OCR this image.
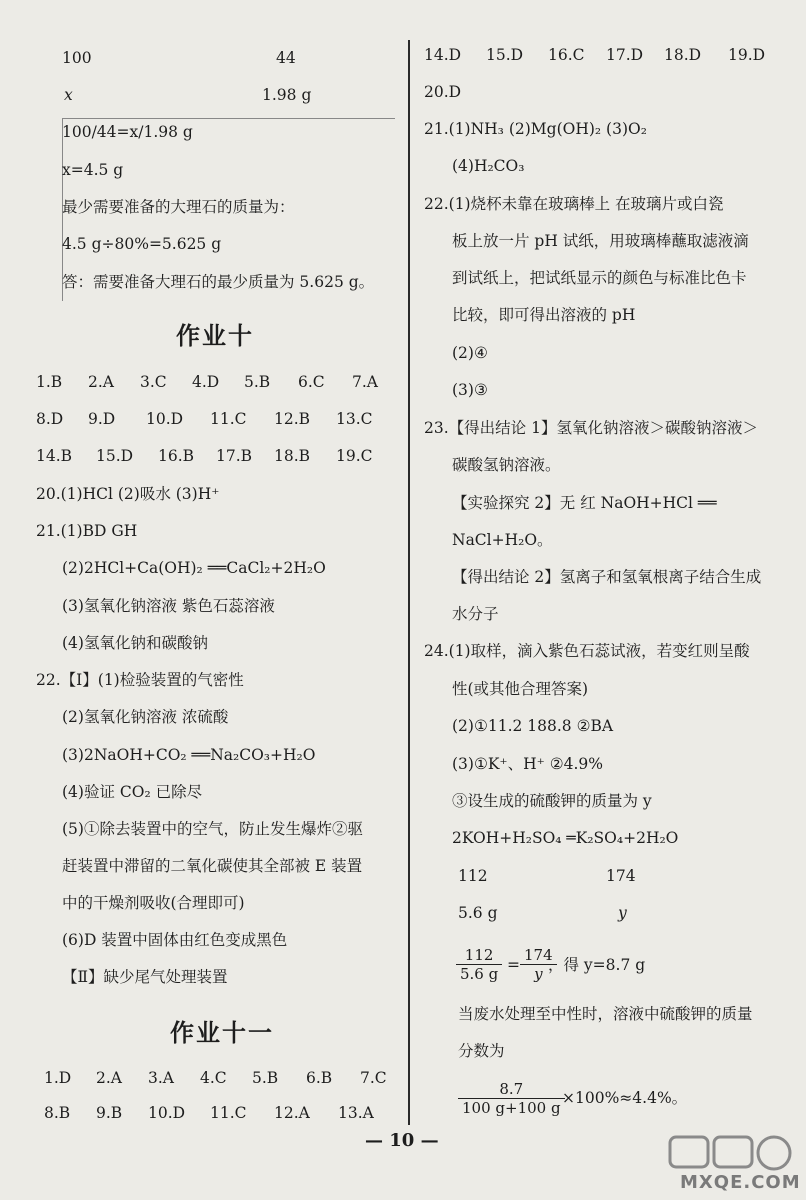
100	44
x	1.98 g
100/44=x/1.98 g
x=4.5 g
最少需要准备的大理石的质量为：
4.5 g÷80%=5.625 g
答：需要准备大理石的最少质量为 5.625 g。
作业十
1.B 2.A 3.C 4.D 5.B 6.C 7.A
8.D 9.D 10.D 11.C 12.B 13.C
14.B 15.D 16.B 17.B 18.B 19.C
20.(1)HCl (2)吸水 (3)H⁺
21.(1)BD GH
(2)2HCl+Ca(OH)₂ ══CaCl₂+2H₂O
(3)氢氧化钠溶液 紫色石蕊溶液
(4)氢氧化钠和碳酸钠
22.【Ⅰ】(1)检验装置的气密性
(2)氢氧化钠溶液 浓硫酸
(3)2NaOH+CO₂ ══Na₂CO₃+H₂O
(4)验证 CO₂ 已除尽
(5)①除去装置中的空气，防止发生爆炸②驱
赶装置中滞留的二氧化碳使其全部被 E 装置
中的干燥剂吸收(合理即可)
(6)D 装置中固体由红色变成黑色
【Ⅱ】缺少尾气处理装置
作业十一
1.D 2.A 3.A 4.C 5.B 6.B 7.C
8.B 9.B 10.D 11.C 12.A 13.A
14.D 15.D 16.C 17.D 18.D 19.D
20.D
21.(1)NH₃ (2)Mg(OH)₂ (3)O₂
(4)H₂CO₃
22.(1)烧杯未靠在玻璃棒上 在玻璃片或白瓷
板上放一片 pH 试纸，用玻璃棒蘸取滤液滴
到试纸上，把试纸显示的颜色与标准比色卡
比较，即可得出溶液的 pH
(2)④
(3)③
23.【得出结论 1】氢氧化钠溶液＞碳酸钠溶液＞
碳酸氢钠溶液。
【实验探究 2】无 红 NaOH+HCl ══
NaCl+H₂O。
【得出结论 2】氢离子和氢氧根离子结合生成
水分子
24.(1)取样，滴入紫色石蕊试液，若变红则呈酸
性(或其他合理答案)
(2)①11.2 188.8 ②BA
(3)①K⁺、H⁺ ②4.9%
③设生成的硫酸钾的质量为 y
2KOH+H₂SO₄ ═K₂SO₄+2H₂O
112	174
5.6 g	y
$\frac{112}{5.6 g} = \frac{174}{y}$
，得 y=8.7 g
当废水处理至中性时，溶液中硫酸钾的质量
分数为
$\frac{8.7}{100 g+100 g}$
×100%≈4.4%。
— 10 —
MXQE.COM
